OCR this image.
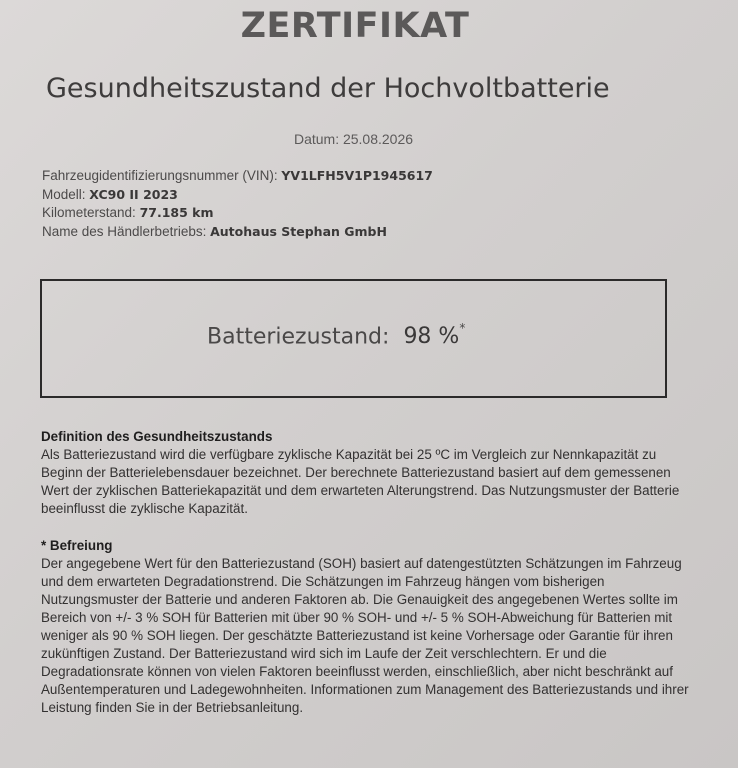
ZERTIFIKAT
Gesundheitszustand der Hochvoltbatterie
Datum: 25.08.2026
Fahrzeugidentifizierungsnummer (VIN): YV1LFH5V1P1945617
Modell: XC90 II 2023
Kilometerstand: 77.185 km
Name des Händlerbetriebs: Autohaus Stephan GmbH
Batteriezustand: 98 %*
Definition des Gesundheitszustands

Als Batteriezustand wird die verfügbare zyklische Kapazität bei 25 ºC im Vergleich zur Nennkapazität zu Beginn der Batterielebensdauer bezeichnet. Der berechnete Batteriezustand basiert auf dem gemessenen Wert der zyklischen Batteriekapazität und dem erwarteten Alterungstrend. Das Nutzungsmuster der Batterie beeinflusst die zyklische Kapazität.

* Befreiung

Der angegebene Wert für den Batteriezustand (SOH) basiert auf datengestützten Schätzungen im Fahrzeug und dem erwarteten Degradationstrend. Die Schätzungen im Fahrzeug hängen vom bisherigen Nutzungsmuster der Batterie und anderen Faktoren ab. Die Genauigkeit des angegebenen Wertes sollte im Bereich von +/- 3 % SOH für Batterien mit über 90 % SOH- und +/- 5 % SOH-Abweichung für Batterien mit weniger als 90 % SOH liegen. Der geschätzte Batteriezustand ist keine Vorhersage oder Garantie für ihren zukünftigen Zustand. Der Batteriezustand wird sich im Laufe der Zeit verschlechtern. Er und die Degradationsrate können von vielen Faktoren beeinflusst werden, einschließlich, aber nicht beschränkt auf Außentemperaturen und Ladegewohnheiten. Informationen zum Management des Batteriezustands und ihrer Leistung finden Sie in der Betriebsanleitung.
